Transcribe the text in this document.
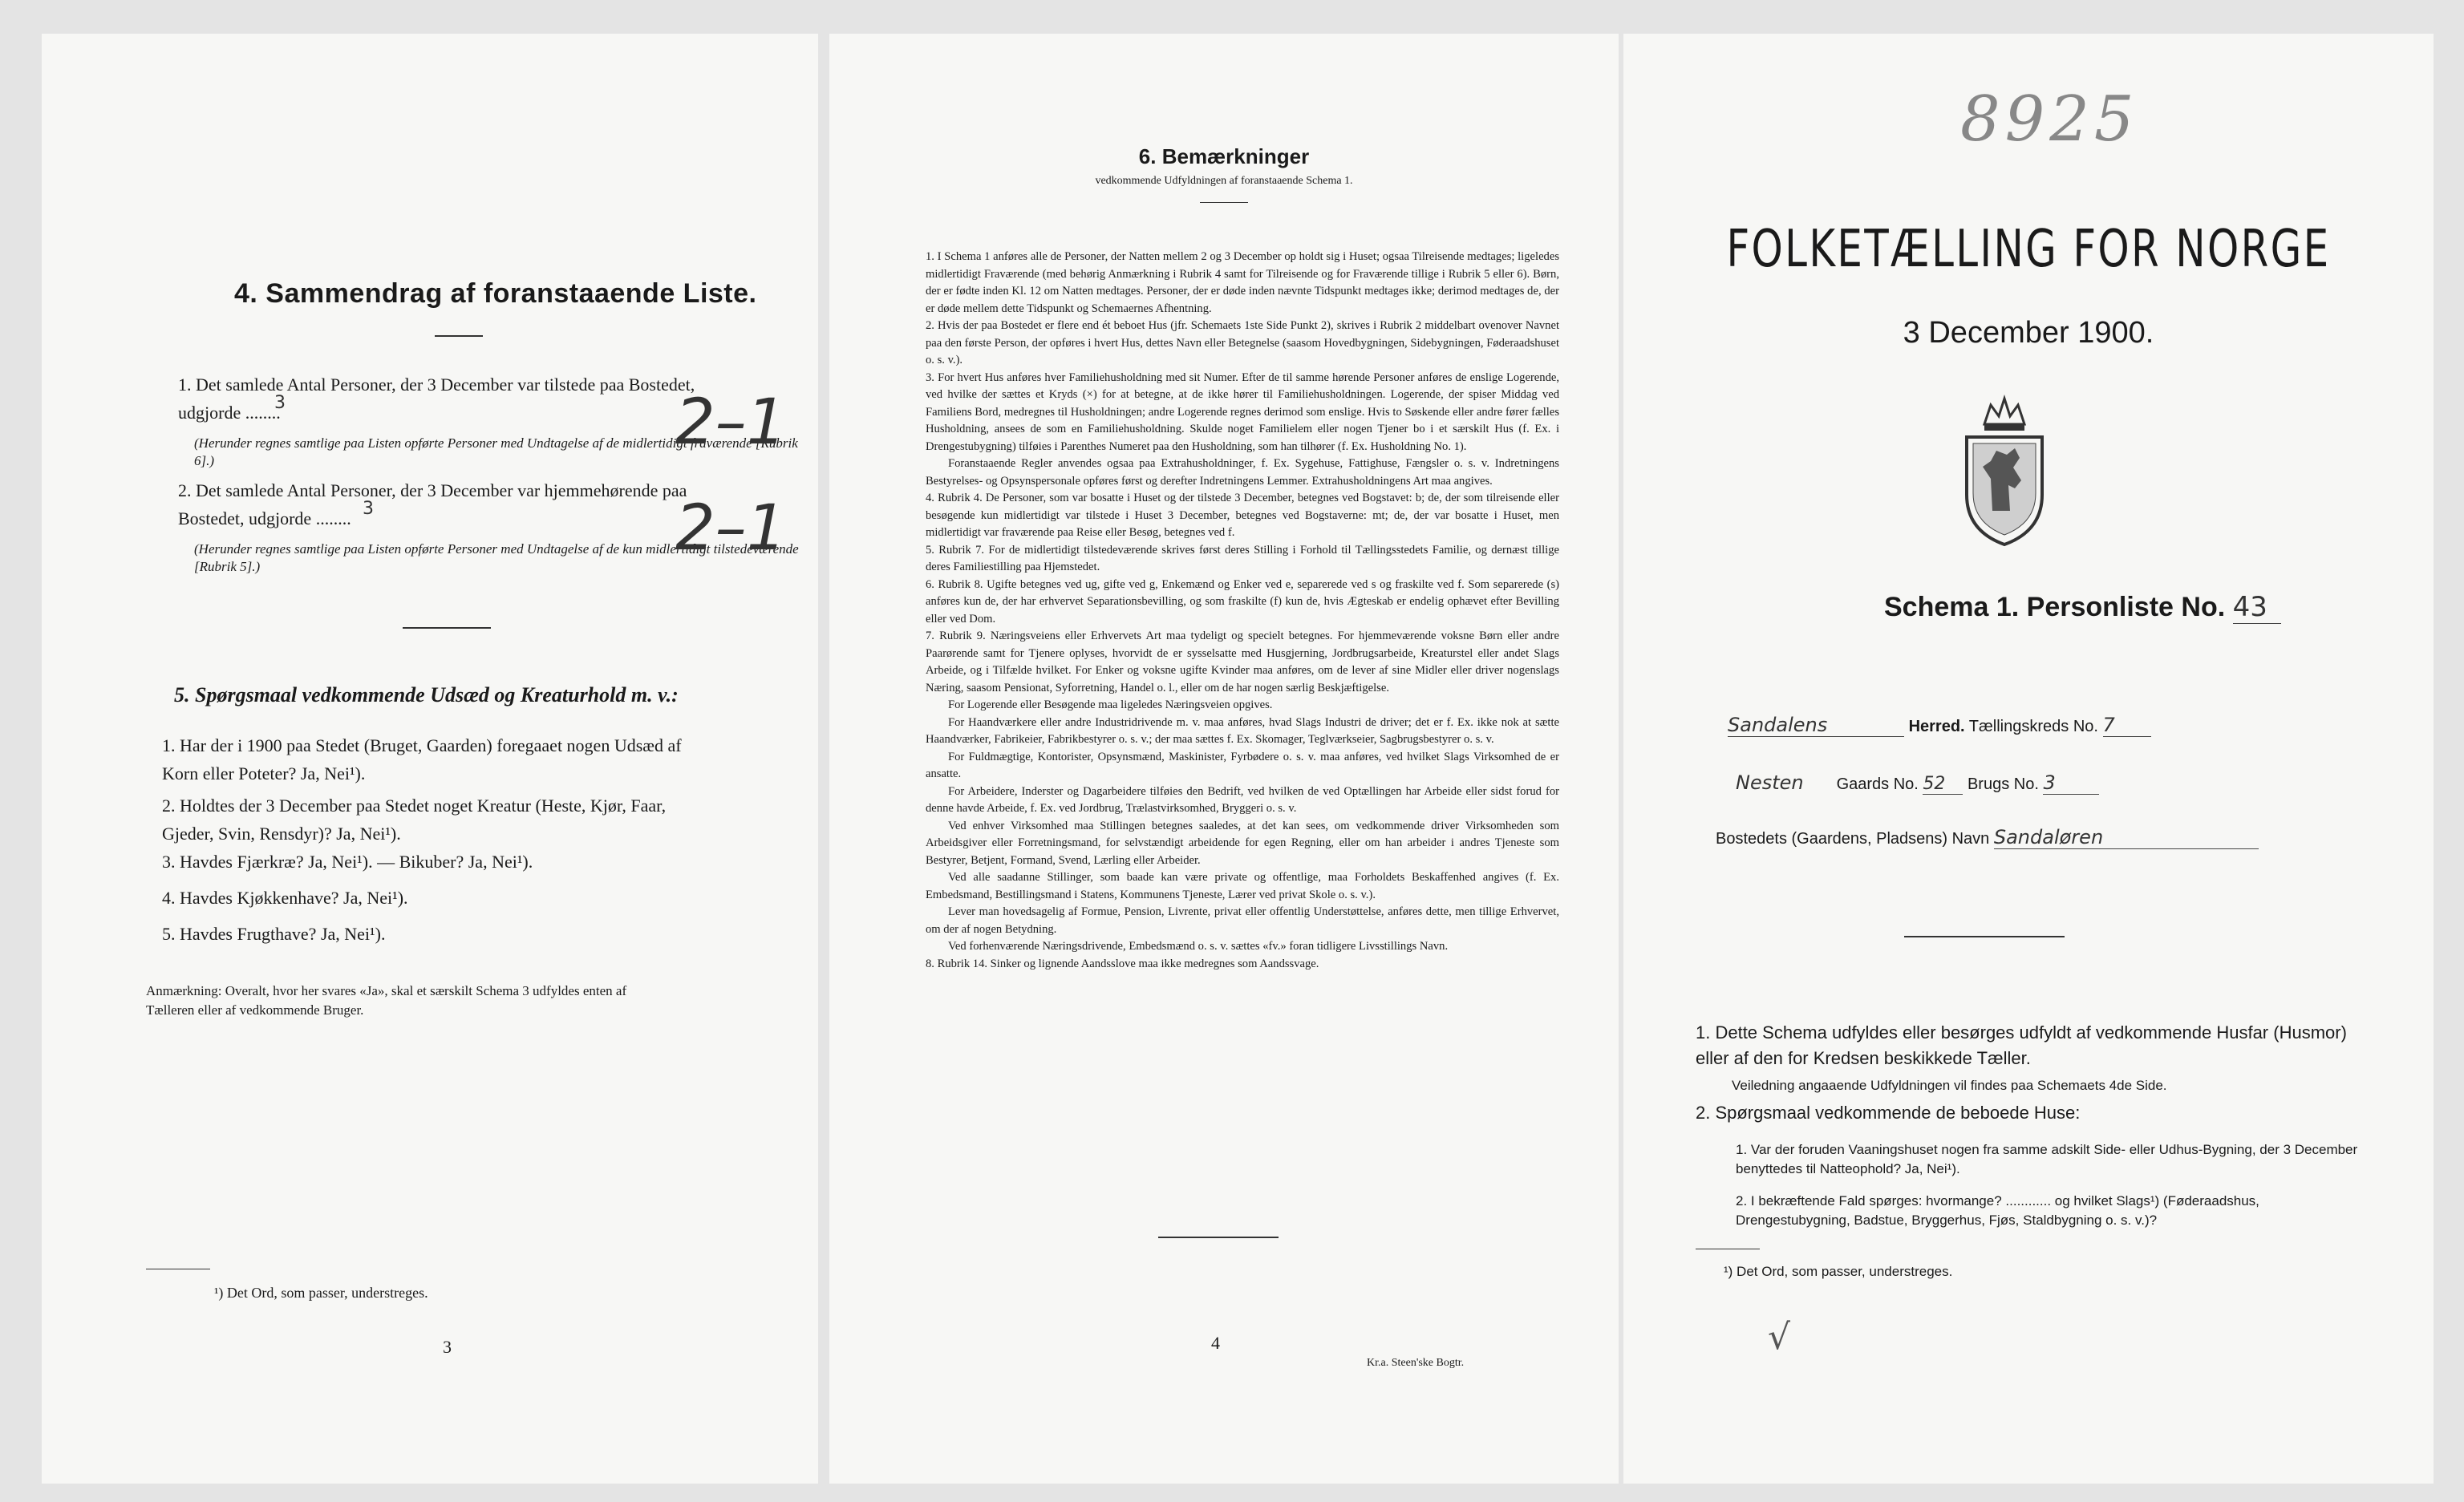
4. Sammendrag af foranstaaende Liste.
1. Det samlede Antal Personer, der 3 December var tilstede paa Bostedet,
udgjorde ........
3
(Herunder regnes samtlige paa Listen opførte Personer med Undtagelse af de midlertidigt fraværende [Rubrik 6].)
2–1
2. Det samlede Antal Personer, der 3 December var hjemmehørende paa
Bostedet, udgjorde ........ 3
(Herunder regnes samtlige paa Listen opførte Personer med Undtagelse af de kun midlertidigt tilstedeværende [Rubrik 5].)
2–1
5. Spørgsmaal vedkommende Udsæd og Kreaturhold m. v.:
1. Har der i 1900 paa Stedet (Bruget, Gaarden) foregaaet nogen Udsæd af
Korn eller Poteter? Ja, Nei¹).
2. Holdtes der 3 December paa Stedet noget Kreatur (Heste, Kjør, Faar,
Gjeder, Svin, Rensdyr)? Ja, Nei¹).
3. Havdes Fjærkræ? Ja, Nei¹). — Bikuber? Ja, Nei¹).
4. Havdes Kjøkkenhave? Ja, Nei¹).
5. Havdes Frugthave? Ja, Nei¹).
Anmærkning: Overalt, hvor her svares «Ja», skal et særskilt Schema 3 udfyldes enten af
Tælleren eller af vedkommende Bruger.
¹) Det Ord, som passer, understreges.
3
6. Bemærkninger
vedkommende Udfyldningen af foranstaaende Schema 1.

1. I Schema 1 anføres alle de Personer, der Natten mellem 2 og 3 December op holdt sig i Huset; ogsaa Tilreisende medtages; ligeledes midlertidigt Fraværende (med behørig Anmærkning i Rubrik 4 samt for Tilreisende og for Fraværende tillige i Rubrik 5 eller 6). Børn, der er fødte inden Kl. 12 om Natten medtages. Personer, der er døde inden nævnte Tidspunkt medtages ikke; derimod medtages de, der er døde mellem dette Tidspunkt og Schemaernes Afhentning.

2. Hvis der paa Bostedet er flere end ét beboet Hus (jfr. Schemaets 1ste Side Punkt 2), skrives i Rubrik 2 middelbart ovenover Navnet paa den første Person, der opføres i hvert Hus, dettes Navn eller Betegnelse (saasom Hovedbygningen, Sidebygningen, Føderaadshuset o. s. v.).

3. For hvert Hus anføres hver Familiehusholdning med sit Numer. Efter de til samme hørende Personer anføres de enslige Logerende, ved hvilke der sættes et Kryds (×) for at betegne, at de ikke hører til Familiehusholdningen. Logerende, der spiser Middag ved Familiens Bord, medregnes til Husholdningen; andre Logerende regnes derimod som enslige. Hvis to Søskende eller andre fører fælles Husholdning, ansees de som en Familiehusholdning. Skulde noget Familielem eller nogen Tjener bo i et særskilt Hus (f. Ex. i Drengestubygning) tilføies i Parenthes Numeret paa den Husholdning, som han tilhører (f. Ex. Husholdning No. 1).

Foranstaaende Regler anvendes ogsaa paa Extrahusholdninger, f. Ex. Sygehuse, Fattighuse, Fængsler o. s. v. Indretningens Bestyrelses- og Opsynspersonale opføres først og derefter Indretningens Lemmer. Extrahusholdningens Art maa angives.

4. Rubrik 4. De Personer, som var bosatte i Huset og der tilstede 3 December, betegnes ved Bogstavet: b; de, der som tilreisende eller besøgende kun midlertidigt var tilstede i Huset 3 December, betegnes ved Bogstaverne: mt; de, der var bosatte i Huset, men midlertidigt var fraværende paa Reise eller Besøg, betegnes ved f.

5. Rubrik 7. For de midlertidigt tilstedeværende skrives først deres Stilling i Forhold til Tællingsstedets Familie, og dernæst tillige deres Familiestilling paa Hjemstedet.

6. Rubrik 8. Ugifte betegnes ved ug, gifte ved g, Enkemænd og Enker ved e, separerede ved s og fraskilte ved f. Som separerede (s) anføres kun de, der har erhvervet Separationsbevilling, og som fraskilte (f) kun de, hvis Ægteskab er endelig ophævet efter Bevilling eller ved Dom.

7. Rubrik 9. Næringsveiens eller Erhvervets Art maa tydeligt og specielt betegnes. For hjemmeværende voksne Børn eller andre Paarørende samt for Tjenere oplyses, hvorvidt de er sysselsatte med Husgjerning, Jordbrugsarbeide, Kreaturstel eller andet Slags Arbeide, og i Tilfælde hvilket. For Enker og voksne ugifte Kvinder maa anføres, om de lever af sine Midler eller driver nogenslags Næring, saasom Pensionat, Syforretning, Handel o. l., eller om de har nogen særlig Beskjæftigelse.

For Logerende eller Besøgende maa ligeledes Næringsveien opgives.

For Haandværkere eller andre Industridrivende m. v. maa anføres, hvad Slags Industri de driver; det er f. Ex. ikke nok at sætte Haandværker, Fabrikeier, Fabrikbestyrer o. s. v.; der maa sættes f. Ex. Skomager, Teglværkseier, Sagbrugsbestyrer o. s. v.

For Fuldmægtige, Kontorister, Opsynsmænd, Maskinister, Fyrbødere o. s. v. maa anføres, ved hvilket Slags Virksomhed de er ansatte.

For Arbeidere, Inderster og Dagarbeidere tilføies den Bedrift, ved hvilken de ved Optællingen har Arbeide eller sidst forud for denne havde Arbeide, f. Ex. ved Jordbrug, Trælastvirksomhed, Bryggeri o. s. v.

Ved enhver Virksomhed maa Stillingen betegnes saaledes, at det kan sees, om vedkommende driver Virksomheden som Arbeidsgiver eller Forretningsmand, for selvstændigt arbeidende for egen Regning, eller om han arbeider i andres Tjeneste som Bestyrer, Betjent, Formand, Svend, Lærling eller Arbeider.

Ved alle saadanne Stillinger, som baade kan være private og offentlige, maa Forholdets Beskaffenhed angives (f. Ex. Embedsmand, Bestillingsmand i Statens, Kommunens Tjeneste, Lærer ved privat Skole o. s. v.).

Lever man hovedsagelig af Formue, Pension, Livrente, privat eller offentlig Understøttelse, anføres dette, men tillige Erhvervet, om der af nogen Betydning.

Ved forhenværende Næringsdrivende, Embedsmænd o. s. v. sættes «fv.» foran tidligere Livsstillings Navn.

8. Rubrik 14. Sinker og lignende Aandsslove maa ikke medregnes som Aandssvage.

4
Kr.a. Steen'ske Bogtr.
8925
FOLKETÆLLING FOR NORGE
3 December 1900.
Schema 1. Personliste No. 43
Sandalens	Herred. Tællingskreds No. 7
Nesten Gaards No. 52 Brugs No. 3
Bostedets (Gaardens, Pladsens) Navn Sandaløren
1. Dette Schema udfyldes eller besørges udfyldt af vedkommende Husfar (Husmor) eller af den for Kredsen beskikkede Tæller.
Veiledning angaaende Udfyldningen vil findes paa Schemaets 4de Side.
2. Spørgsmaal vedkommende de beboede Huse:
1. Var der foruden Vaaningshuset nogen fra samme adskilt Side- eller Udhus-Bygning, der 3 December benyttedes til Natteophold? Ja, Nei¹).
2. I bekræftende Fald spørges: hvormange? ............ og hvilket Slags¹) (Føderaadshus, Drengestubygning, Badstue, Bryggerhus, Fjøs, Staldbygning o. s. v.)?
¹) Det Ord, som passer, understreges.
√
